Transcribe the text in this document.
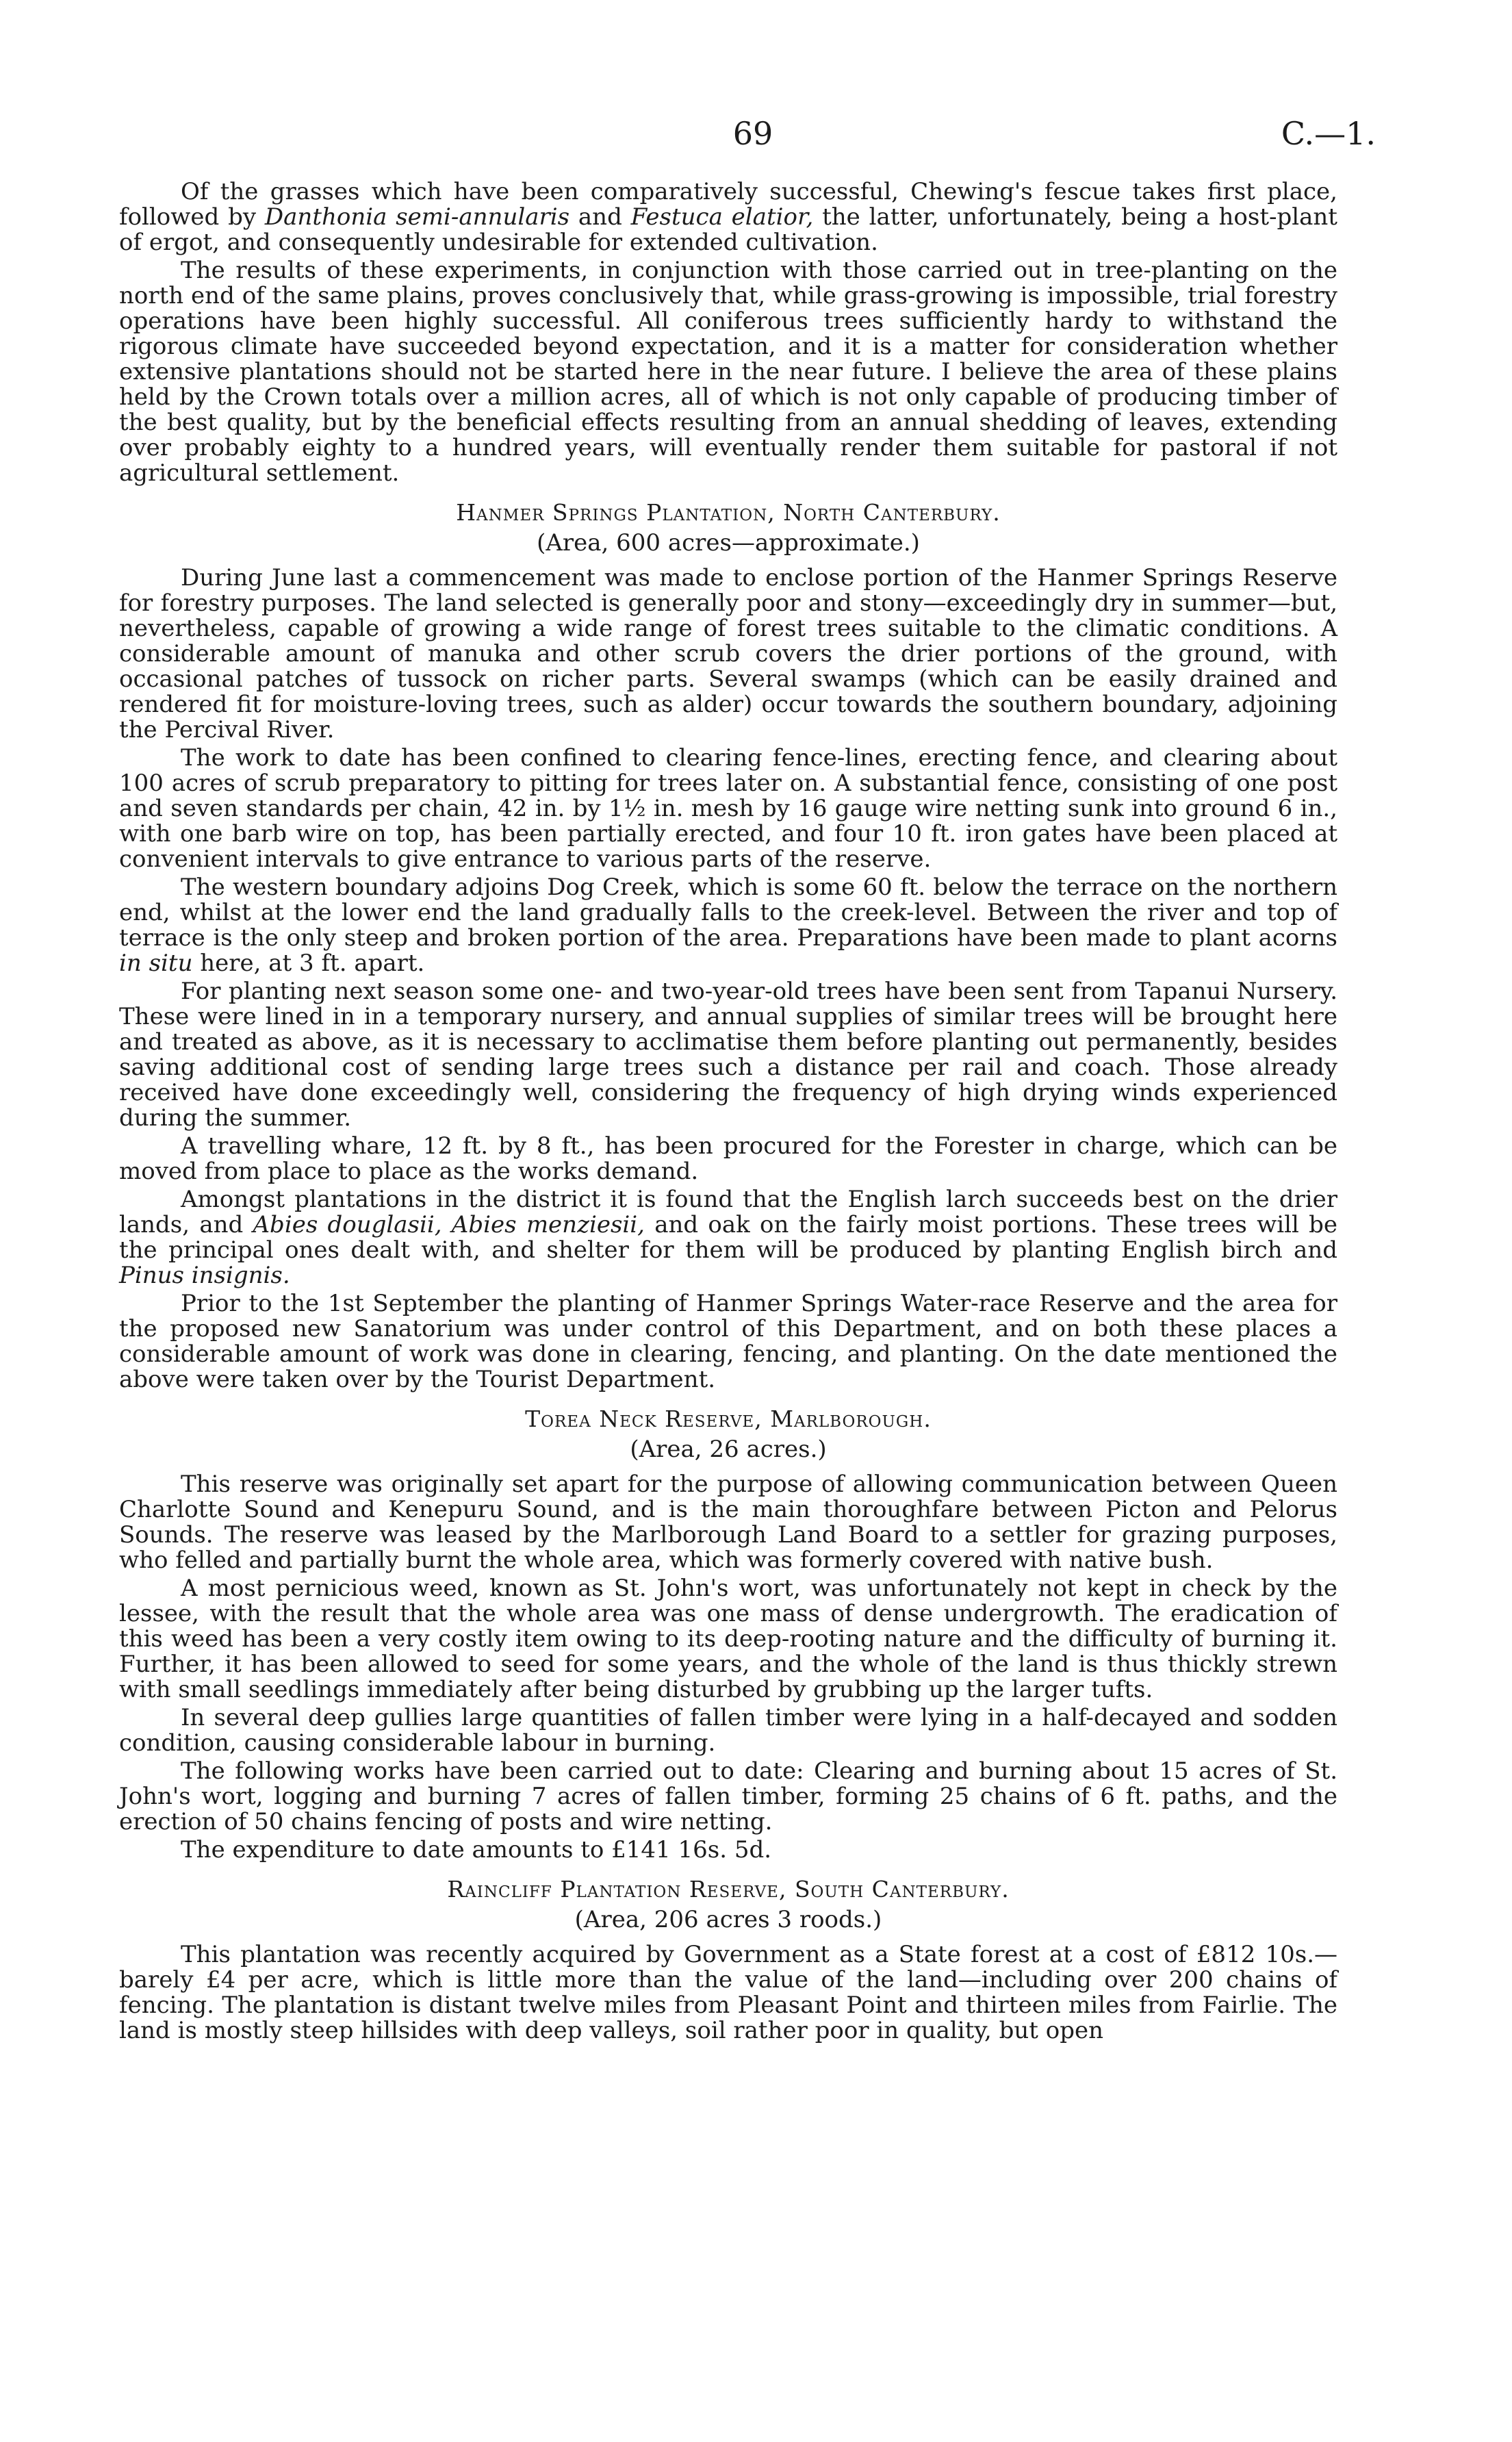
69	C.—1.

Of the grasses which have been comparatively successful, Chewing's fescue takes first place, followed by Danthonia semi-annularis and Festuca elatior, the latter, unfortunately, being a host-plant of ergot, and consequently undesirable for extended cultivation.

The results of these experiments, in conjunction with those carried out in tree-planting on the north end of the same plains, proves conclusively that, while grass-growing is impossible, trial forestry operations have been highly successful. All coniferous trees sufficiently hardy to withstand the rigorous climate have succeeded beyond expectation, and it is a matter for consideration whether extensive plantations should not be started here in the near future. I believe the area of these plains held by the Crown totals over a million acres, all of which is not only capable of producing timber of the best quality, but by the beneficial effects resulting from an annual shedding of leaves, extending over probably eighty to a hundred years, will eventually render them suitable for pastoral if not agricultural settlement.

Hanmer Springs Plantation, North Canterbury.
(Area, 600 acres—approximate.)

During June last a commencement was made to enclose portion of the Hanmer Springs Reserve for forestry purposes. The land selected is generally poor and stony—exceedingly dry in summer—but, nevertheless, capable of growing a wide range of forest trees suitable to the climatic conditions. A considerable amount of manuka and other scrub covers the drier portions of the ground, with occasional patches of tussock on richer parts. Several swamps (which can be easily drained and rendered fit for moisture-loving trees, such as alder) occur towards the southern boundary, adjoining the Percival River.

The work to date has been confined to clearing fence-lines, erecting fence, and clearing about 100 acres of scrub preparatory to pitting for trees later on. A substantial fence, consisting of one post and seven standards per chain, 42 in. by 1½ in. mesh by 16 gauge wire netting sunk into ground 6 in., with one barb wire on top, has been partially erected, and four 10 ft. iron gates have been placed at convenient intervals to give entrance to various parts of the reserve.

The western boundary adjoins Dog Creek, which is some 60 ft. below the terrace on the northern end, whilst at the lower end the land gradually falls to the creek-level. Between the river and top of terrace is the only steep and broken portion of the area. Preparations have been made to plant acorns in situ here, at 3 ft. apart.

For planting next season some one- and two-year-old trees have been sent from Tapanui Nursery. These were lined in in a temporary nursery, and annual supplies of similar trees will be brought here and treated as above, as it is necessary to acclimatise them before planting out permanently, besides saving additional cost of sending large trees such a distance per rail and coach. Those already received have done exceedingly well, considering the frequency of high drying winds experienced during the summer.

A travelling whare, 12 ft. by 8 ft., has been procured for the Forester in charge, which can be moved from place to place as the works demand.

Amongst plantations in the district it is found that the English larch succeeds best on the drier lands, and Abies douglasii, Abies menziesii, and oak on the fairly moist portions. These trees will be the principal ones dealt with, and shelter for them will be produced by planting English birch and Pinus insignis.

Prior to the 1st September the planting of Hanmer Springs Water-race Reserve and the area for the proposed new Sanatorium was under control of this Department, and on both these places a considerable amount of work was done in clearing, fencing, and planting. On the date mentioned the above were taken over by the Tourist Department.

Torea Neck Reserve, Marlborough.
(Area, 26 acres.)

This reserve was originally set apart for the purpose of allowing communication between Queen Charlotte Sound and Kenepuru Sound, and is the main thoroughfare between Picton and Pelorus Sounds. The reserve was leased by the Marlborough Land Board to a settler for grazing purposes, who felled and partially burnt the whole area, which was formerly covered with native bush.

A most pernicious weed, known as St. John's wort, was unfortunately not kept in check by the lessee, with the result that the whole area was one mass of dense undergrowth. The eradication of this weed has been a very costly item owing to its deep-rooting nature and the difficulty of burning it. Further, it has been allowed to seed for some years, and the whole of the land is thus thickly strewn with small seedlings immediately after being disturbed by grubbing up the larger tufts.

In several deep gullies large quantities of fallen timber were lying in a half-decayed and sodden condition, causing considerable labour in burning.

The following works have been carried out to date: Clearing and burning about 15 acres of St. John's wort, logging and burning 7 acres of fallen timber, forming 25 chains of 6 ft. paths, and the erection of 50 chains fencing of posts and wire netting.

The expenditure to date amounts to £141 16s. 5d.

Raincliff Plantation Reserve, South Canterbury.
(Area, 206 acres 3 roods.)

This plantation was recently acquired by Government as a State forest at a cost of £812 10s.—barely £4 per acre, which is little more than the value of the land—including over 200 chains of fencing. The plantation is distant twelve miles from Pleasant Point and thirteen miles from Fairlie. The land is mostly steep hillsides with deep valleys, soil rather poor in quality, but open
